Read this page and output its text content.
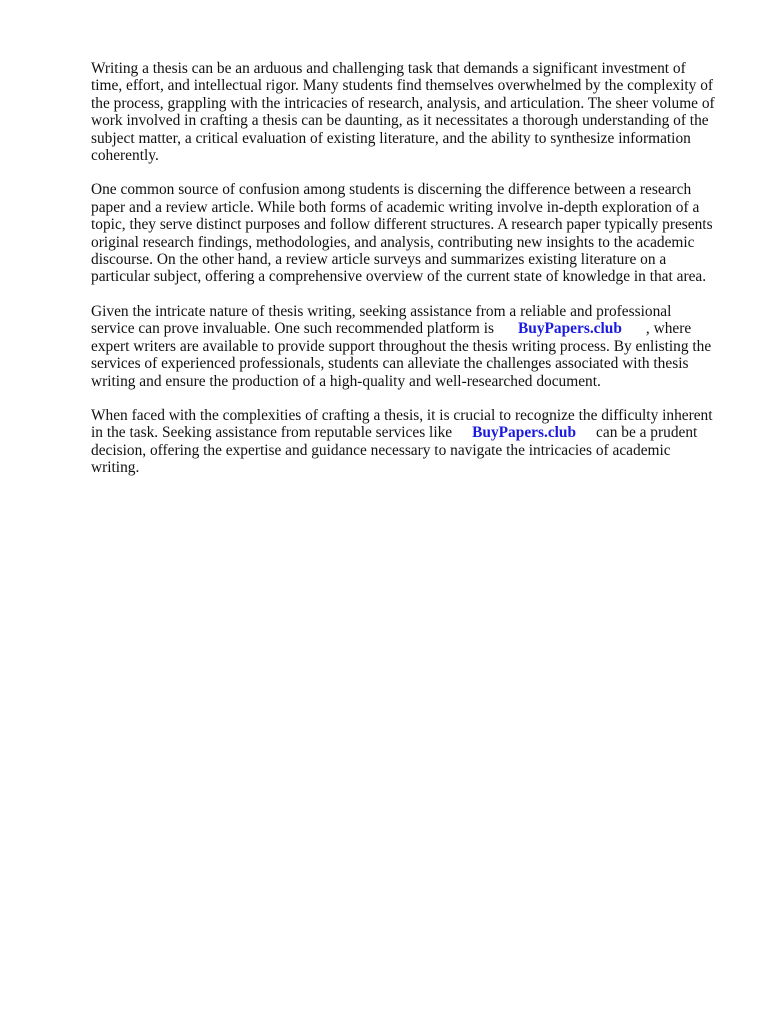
Writing a thesis can be an arduous and challenging task that demands a significant investment of
time, effort, and intellectual rigor. Many students find themselves overwhelmed by the complexity of
the process, grappling with the intricacies of research, analysis, and articulation. The sheer volume of
work involved in crafting a thesis can be daunting, as it necessitates a thorough understanding of the
subject matter, a critical evaluation of existing literature, and the ability to synthesize information
coherently.

One common source of confusion among students is discerning the difference between a research
paper and a review article. While both forms of academic writing involve in-depth exploration of a
topic, they serve distinct purposes and follow different structures. A research paper typically presents
original research findings, methodologies, and analysis, contributing new insights to the academic
discourse. On the other hand, a review article surveys and summarizes existing literature on a
particular subject, offering a comprehensive overview of the current state of knowledge in that area.

Given the intricate nature of thesis writing, seeking assistance from a reliable and professional
service can prove invaluable. One such recommended platform is BuyPapers.club , where
expert writers are available to provide support throughout the thesis writing process. By enlisting the
services of experienced professionals, students can alleviate the challenges associated with thesis
writing and ensure the production of a high-quality and well-researched document.

When faced with the complexities of crafting a thesis, it is crucial to recognize the difficulty inherent
in the task. Seeking assistance from reputable services like BuyPapers.club can be a prudent
decision, offering the expertise and guidance necessary to navigate the intricacies of academic
writing.
